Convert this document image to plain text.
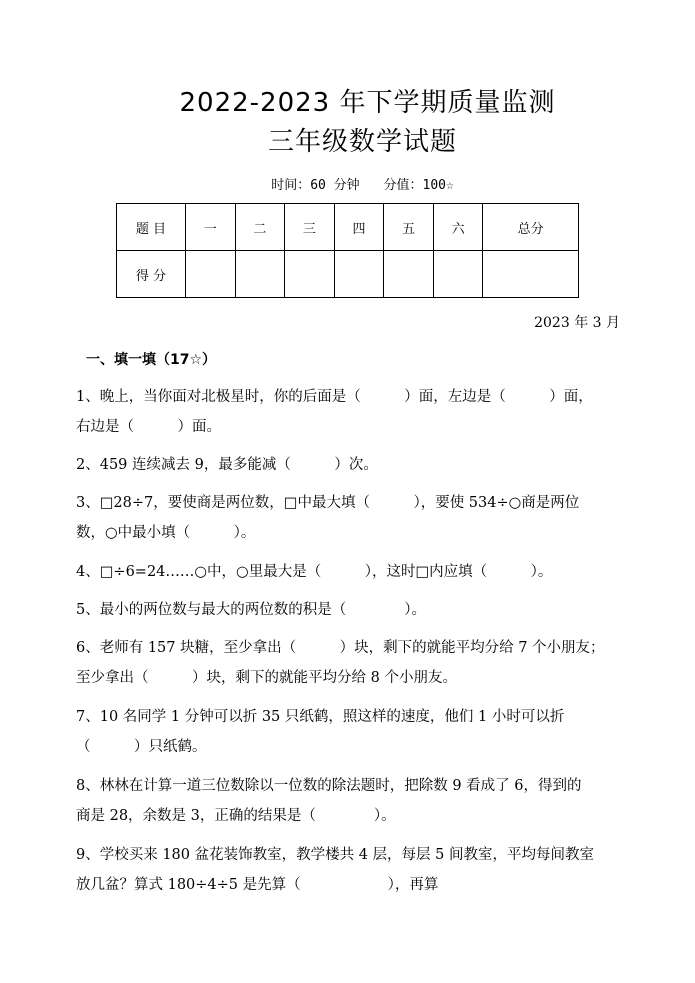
2022-2023 年下学期质量监测
三年级数学试题
时间：60 分钟 分值：100☆
题 目	一	二	三	四	五	六	总分
得 分							
2023 年 3 月
一、填一填（17☆）
1、晚上，当你面对北极星时，你的后面是（　　　）面，左边是（　　　）面，
右边是（　　　）面。
2、459 连续减去 9，最多能减（　　　）次。
3、□28÷7，要使商是两位数，□中最大填（　　　），要使 534÷○商是两位
数，○中最小填（　　　）。
4、□÷6=24……○中，○里最大是（　　　），这时□内应填（　　　）。
5、最小的两位数与最大的两位数的积是（　　　　）。
6、老师有 157 块糖，至少拿出（　　　）块，剩下的就能平均分给 7 个小朋友；
至少拿出（　　　）块，剩下的就能平均分给 8 个小朋友。
7、10 名同学 1 分钟可以折 35 只纸鹤，照这样的速度，他们 1 小时可以折
（　　　）只纸鹤。
8、林林在计算一道三位数除以一位数的除法题时，把除数 9 看成了 6，得到的
商是 28，余数是 3，正确的结果是（　　　　）。
9、学校买来 180 盆花装饰教室，教学楼共 4 层，每层 5 间教室，平均每间教室
放几盆？算式 180÷4÷5 是先算（　　　　　　），再算
